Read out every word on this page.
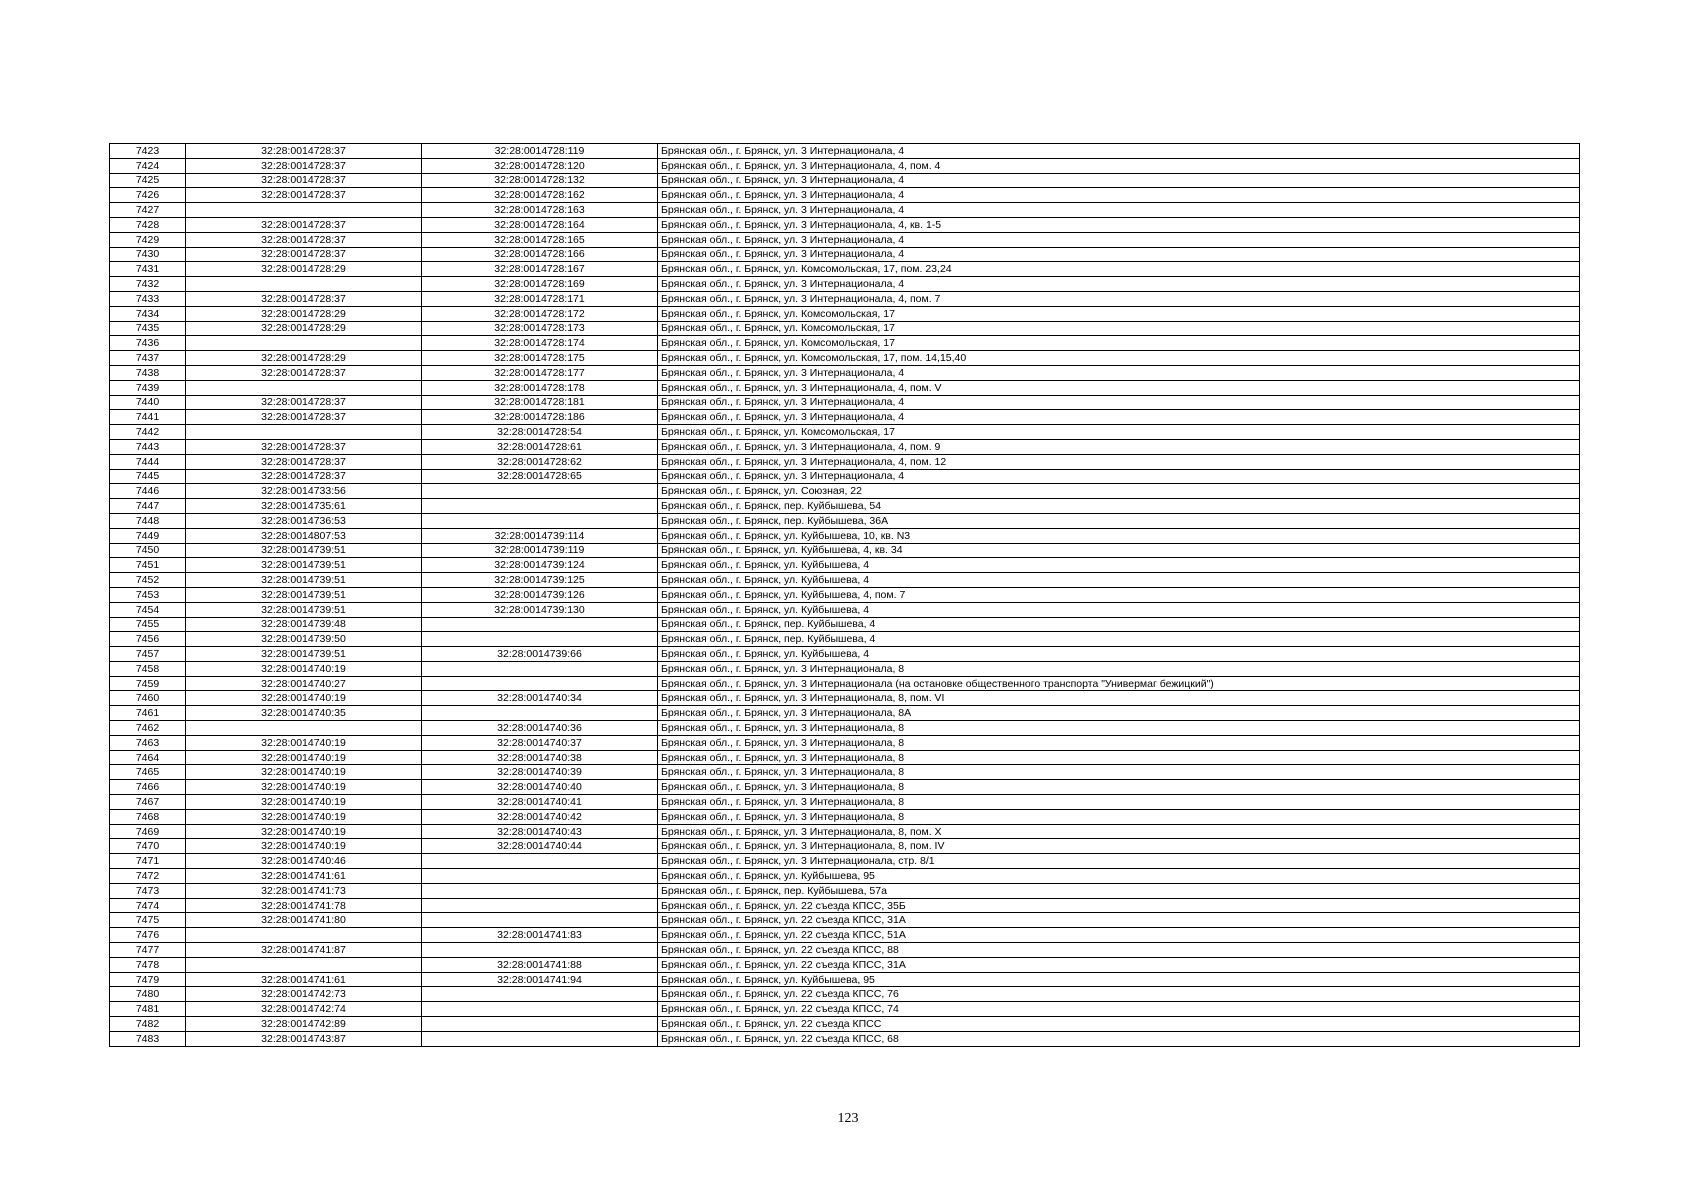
7423	32:28:0014728:37	32:28:0014728:119	Брянская обл., г. Брянск, ул. 3 Интернационала, 4
7424	32:28:0014728:37	32:28:0014728:120	Брянская обл., г. Брянск, ул. 3 Интернационала, 4, пом. 4
7425	32:28:0014728:37	32:28:0014728:132	Брянская обл., г. Брянск, ул. 3 Интернационала, 4
7426	32:28:0014728:37	32:28:0014728:162	Брянская обл., г. Брянск, ул. 3 Интернационала, 4
7427		32:28:0014728:163	Брянская обл., г. Брянск, ул. 3 Интернационала, 4
7428	32:28:0014728:37	32:28:0014728:164	Брянская обл., г. Брянск, ул. 3 Интернационала, 4, кв. 1-5
7429	32:28:0014728:37	32:28:0014728:165	Брянская обл., г. Брянск, ул. 3 Интернационала, 4
7430	32:28:0014728:37	32:28:0014728:166	Брянская обл., г. Брянск, ул. 3 Интернационала, 4
7431	32:28:0014728:29	32:28:0014728:167	Брянская обл., г. Брянск, ул. Комсомольская, 17, пом. 23,24
7432		32:28:0014728:169	Брянская обл., г. Брянск, ул. 3 Интернационала, 4
7433	32:28:0014728:37	32:28:0014728:171	Брянская обл., г. Брянск, ул. 3 Интернационала, 4, пом. 7
7434	32:28:0014728:29	32:28:0014728:172	Брянская обл., г. Брянск, ул. Комсомольская, 17
7435	32:28:0014728:29	32:28:0014728:173	Брянская обл., г. Брянск, ул. Комсомольская, 17
7436		32:28:0014728:174	Брянская обл., г. Брянск, ул. Комсомольская, 17
7437	32:28:0014728:29	32:28:0014728:175	Брянская обл., г. Брянск, ул. Комсомольская, 17, пом. 14,15,40
7438	32:28:0014728:37	32:28:0014728:177	Брянская обл., г. Брянск, ул. 3 Интернационала, 4
7439		32:28:0014728:178	Брянская обл., г. Брянск, ул. 3 Интернационала, 4, пом. V
7440	32:28:0014728:37	32:28:0014728:181	Брянская обл., г. Брянск, ул. 3 Интернационала, 4
7441	32:28:0014728:37	32:28:0014728:186	Брянская обл., г. Брянск, ул. 3 Интернационала, 4
7442		32:28:0014728:54	Брянская обл., г. Брянск, ул. Комсомольская, 17
7443	32:28:0014728:37	32:28:0014728:61	Брянская обл., г. Брянск, ул. 3 Интернационала, 4, пом. 9
7444	32:28:0014728:37	32:28:0014728:62	Брянская обл., г. Брянск, ул. 3 Интернационала, 4, пом. 12
7445	32:28:0014728:37	32:28:0014728:65	Брянская обл., г. Брянск, ул. 3 Интернационала, 4
7446	32:28:0014733:56		Брянская обл., г. Брянск, ул. Союзная, 22
7447	32:28:0014735:61		Брянская обл., г. Брянск, пер. Куйбышева, 54
7448	32:28:0014736:53		Брянская обл., г. Брянск, пер. Куйбышева, 36А
7449	32:28:0014807:53	32:28:0014739:114	Брянская обл., г. Брянск, ул. Куйбышева, 10, кв. N3
7450	32:28:0014739:51	32:28:0014739:119	Брянская обл., г. Брянск, ул. Куйбышева, 4, кв. 34
7451	32:28:0014739:51	32:28:0014739:124	Брянская обл., г. Брянск, ул. Куйбышева, 4
7452	32:28:0014739:51	32:28:0014739:125	Брянская обл., г. Брянск, ул. Куйбышева, 4
7453	32:28:0014739:51	32:28:0014739:126	Брянская обл., г. Брянск, ул. Куйбышева, 4, пом. 7
7454	32:28:0014739:51	32:28:0014739:130	Брянская обл., г. Брянск, ул. Куйбышева, 4
7455	32:28:0014739:48		Брянская обл., г. Брянск, пер. Куйбышева, 4
7456	32:28:0014739:50		Брянская обл., г. Брянск, пер. Куйбышева, 4
7457	32:28:0014739:51	32:28:0014739:66	Брянская обл., г. Брянск, ул. Куйбышева, 4
7458	32:28:0014740:19		Брянская обл., г. Брянск, ул. 3 Интернационала, 8
7459	32:28:0014740:27		Брянская обл., г. Брянск, ул. 3 Интернационала (на остановке общественного транспорта "Универмаг бежицкий")
7460	32:28:0014740:19	32:28:0014740:34	Брянская обл., г. Брянск, ул. 3 Интернационала, 8, пом. VI
7461	32:28:0014740:35		Брянская обл., г. Брянск, ул. 3 Интернационала, 8А
7462		32:28:0014740:36	Брянская обл., г. Брянск, ул. 3 Интернационала, 8
7463	32:28:0014740:19	32:28:0014740:37	Брянская обл., г. Брянск, ул. 3 Интернационала, 8
7464	32:28:0014740:19	32:28:0014740:38	Брянская обл., г. Брянск, ул. 3 Интернационала, 8
7465	32:28:0014740:19	32:28:0014740:39	Брянская обл., г. Брянск, ул. 3 Интернационала, 8
7466	32:28:0014740:19	32:28:0014740:40	Брянская обл., г. Брянск, ул. 3 Интернационала, 8
7467	32:28:0014740:19	32:28:0014740:41	Брянская обл., г. Брянск, ул. 3 Интернационала, 8
7468	32:28:0014740:19	32:28:0014740:42	Брянская обл., г. Брянск, ул. 3 Интернационала, 8
7469	32:28:0014740:19	32:28:0014740:43	Брянская обл., г. Брянск, ул. 3 Интернационала, 8, пом. X
7470	32:28:0014740:19	32:28:0014740:44	Брянская обл., г. Брянск, ул. 3 Интернационала, 8, пом. IV
7471	32:28:0014740:46		Брянская обл., г. Брянск, ул. 3 Интернационала, стр. 8/1
7472	32:28:0014741:61		Брянская обл., г. Брянск, ул. Куйбышева, 95
7473	32:28:0014741:73		Брянская обл., г. Брянск, пер. Куйбышева, 57а
7474	32:28:0014741:78		Брянская обл., г. Брянск, ул. 22 съезда КПСС, 35Б
7475	32:28:0014741:80		Брянская обл., г. Брянск, ул. 22 съезда КПСС, 31А
7476		32:28:0014741:83	Брянская обл., г. Брянск, ул. 22 съезда КПСС, 51А
7477	32:28:0014741:87		Брянская обл., г. Брянск, ул. 22 съезда КПСС, 88
7478		32:28:0014741:88	Брянская обл., г. Брянск, ул. 22 съезда КПСС, 31А
7479	32:28:0014741:61	32:28:0014741:94	Брянская обл., г. Брянск, ул. Куйбышева, 95
7480	32:28:0014742:73		Брянская обл., г. Брянск, ул. 22 съезда КПСС, 76
7481	32:28:0014742:74		Брянская обл., г. Брянск, ул. 22 съезда КПСС, 74
7482	32:28:0014742:89		Брянская обл., г. Брянск, ул. 22 съезда КПСС
7483	32:28:0014743:87		Брянская обл., г. Брянск, ул. 22 съезда КПСС, 68
123
